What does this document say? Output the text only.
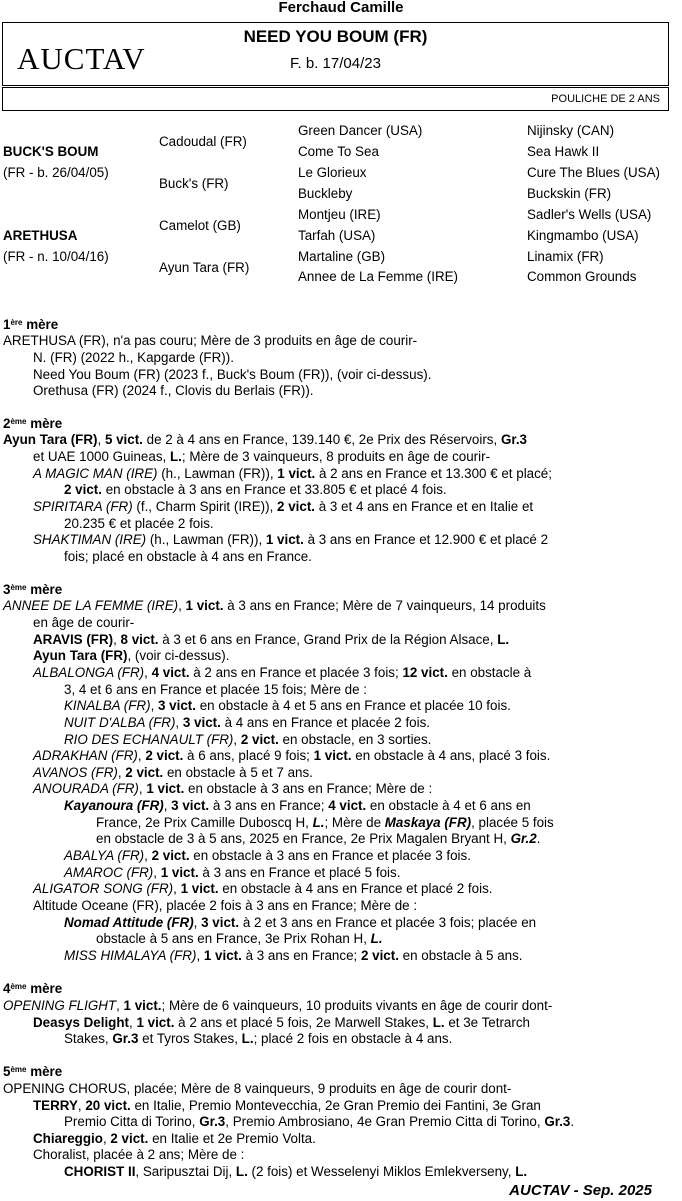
Ferchaud Camille
AUCTAV
NEED YOU BOUM (FR)
F. b. 17/04/23
POULICHE DE 2 ANS
BUCK'S BOUM
(FR - b. 26/04/05)
ARETHUSA
(FR - n. 10/04/16)
Cadoudal (FR)
Buck's (FR)
Camelot (GB)
Ayun Tara (FR)
Green Dancer (USA)
Come To Sea
Le Glorieux
Buckleby
Montjeu (IRE)
Tarfah (USA)
Martaline (GB)
Annee de La Femme (IRE)
Nijinsky (CAN)
Sea Hawk II
Cure The Blues (USA)
Buckskin (FR)
Sadler's Wells (USA)
Kingmambo (USA)
Linamix (FR)
Common Grounds
1ère mère
ARETHUSA (FR), n'a pas couru; Mère de 3 produits en âge de courir-
N. (FR) (2022 h., Kapgarde (FR)).
Need You Boum (FR) (2023 f., Buck's Boum (FR)), (voir ci-dessus).
Orethusa (FR) (2024 f., Clovis du Berlais (FR)).
2ème mère
Ayun Tara (FR), 5 vict. de 2 à 4 ans en France, 139.140 €, 2e Prix des Réservoirs, Gr.3
et UAE 1000 Guineas, L.; Mère de 3 vainqueurs, 8 produits en âge de courir-
A MAGIC MAN (IRE) (h., Lawman (FR)), 1 vict. à 2 ans en France et 13.300 € et placé;
2 vict. en obstacle à 3 ans en France et 33.805 € et placé 4 fois.
SPIRITARA (FR) (f., Charm Spirit (IRE)), 2 vict. à 3 et 4 ans en France et en Italie et
20.235 € et placée 2 fois.
SHAKTIMAN (IRE) (h., Lawman (FR)), 1 vict. à 3 ans en France et 12.900 € et placé 2
fois; placé en obstacle à 4 ans en France.
3ème mère
ANNEE DE LA FEMME (IRE), 1 vict. à 3 ans en France; Mère de 7 vainqueurs, 14 produits
en âge de courir-
ARAVIS (FR), 8 vict. à 3 et 6 ans en France, Grand Prix de la Région Alsace, L.
Ayun Tara (FR), (voir ci-dessus).
ALBALONGA (FR), 4 vict. à 2 ans en France et placée 3 fois; 12 vict. en obstacle à
3, 4 et 6 ans en France et placée 15 fois; Mère de :
KINALBA (FR), 3 vict. en obstacle à 4 et 5 ans en France et placée 10 fois.
NUIT D'ALBA (FR), 3 vict. à 4 ans en France et placée 2 fois.
RIO DES ECHANAULT (FR), 2 vict. en obstacle, en 3 sorties.
ADRAKHAN (FR), 2 vict. à 6 ans, placé 9 fois; 1 vict. en obstacle à 4 ans, placé 3 fois.
AVANOS (FR), 2 vict. en obstacle à 5 et 7 ans.
ANOURADA (FR), 1 vict. en obstacle à 3 ans en France; Mère de :
Kayanoura (FR), 3 vict. à 3 ans en France; 4 vict. en obstacle à 4 et 6 ans en
France, 2e Prix Camille Duboscq H, L.; Mère de Maskaya (FR), placée 5 fois
en obstacle de 3 à 5 ans, 2025 en France, 2e Prix Magalen Bryant H, Gr.2.
ABALYA (FR), 2 vict. en obstacle à 3 ans en France et placée 3 fois.
AMAROC (FR), 1 vict. à 3 ans en France et placé 5 fois.
ALIGATOR SONG (FR), 1 vict. en obstacle à 4 ans en France et placé 2 fois.
Altitude Oceane (FR), placée 2 fois à 3 ans en France; Mère de :
Nomad Attitude (FR), 3 vict. à 2 et 3 ans en France et placée 3 fois; placée en
obstacle à 5 ans en France, 3e Prix Rohan H, L.
MISS HIMALAYA (FR), 1 vict. à 3 ans en France; 2 vict. en obstacle à 5 ans.
4ème mère
OPENING FLIGHT, 1 vict.; Mère de 6 vainqueurs, 10 produits vivants en âge de courir dont-
Deasys Delight, 1 vict. à 2 ans et placé 5 fois, 2e Marwell Stakes, L. et 3e Tetrarch
Stakes, Gr.3 et Tyros Stakes, L.; placé 2 fois en obstacle à 4 ans.
5ème mère
OPENING CHORUS, placée; Mère de 8 vainqueurs, 9 produits en âge de courir dont-
TERRY, 20 vict. en Italie, Premio Montevecchia, 2e Gran Premio dei Fantini, 3e Gran
Premio Citta di Torino, Gr.3, Premio Ambrosiano, 4e Gran Premio Citta di Torino, Gr.3.
Chiareggio, 2 vict. en Italie et 2e Premio Volta.
Choralist, placée à 2 ans; Mère de :
CHORIST II, Saripusztai Dij, L. (2 fois) et Wesselenyi Miklos Emlekverseny, L.
AUCTAV - Sep. 2025
